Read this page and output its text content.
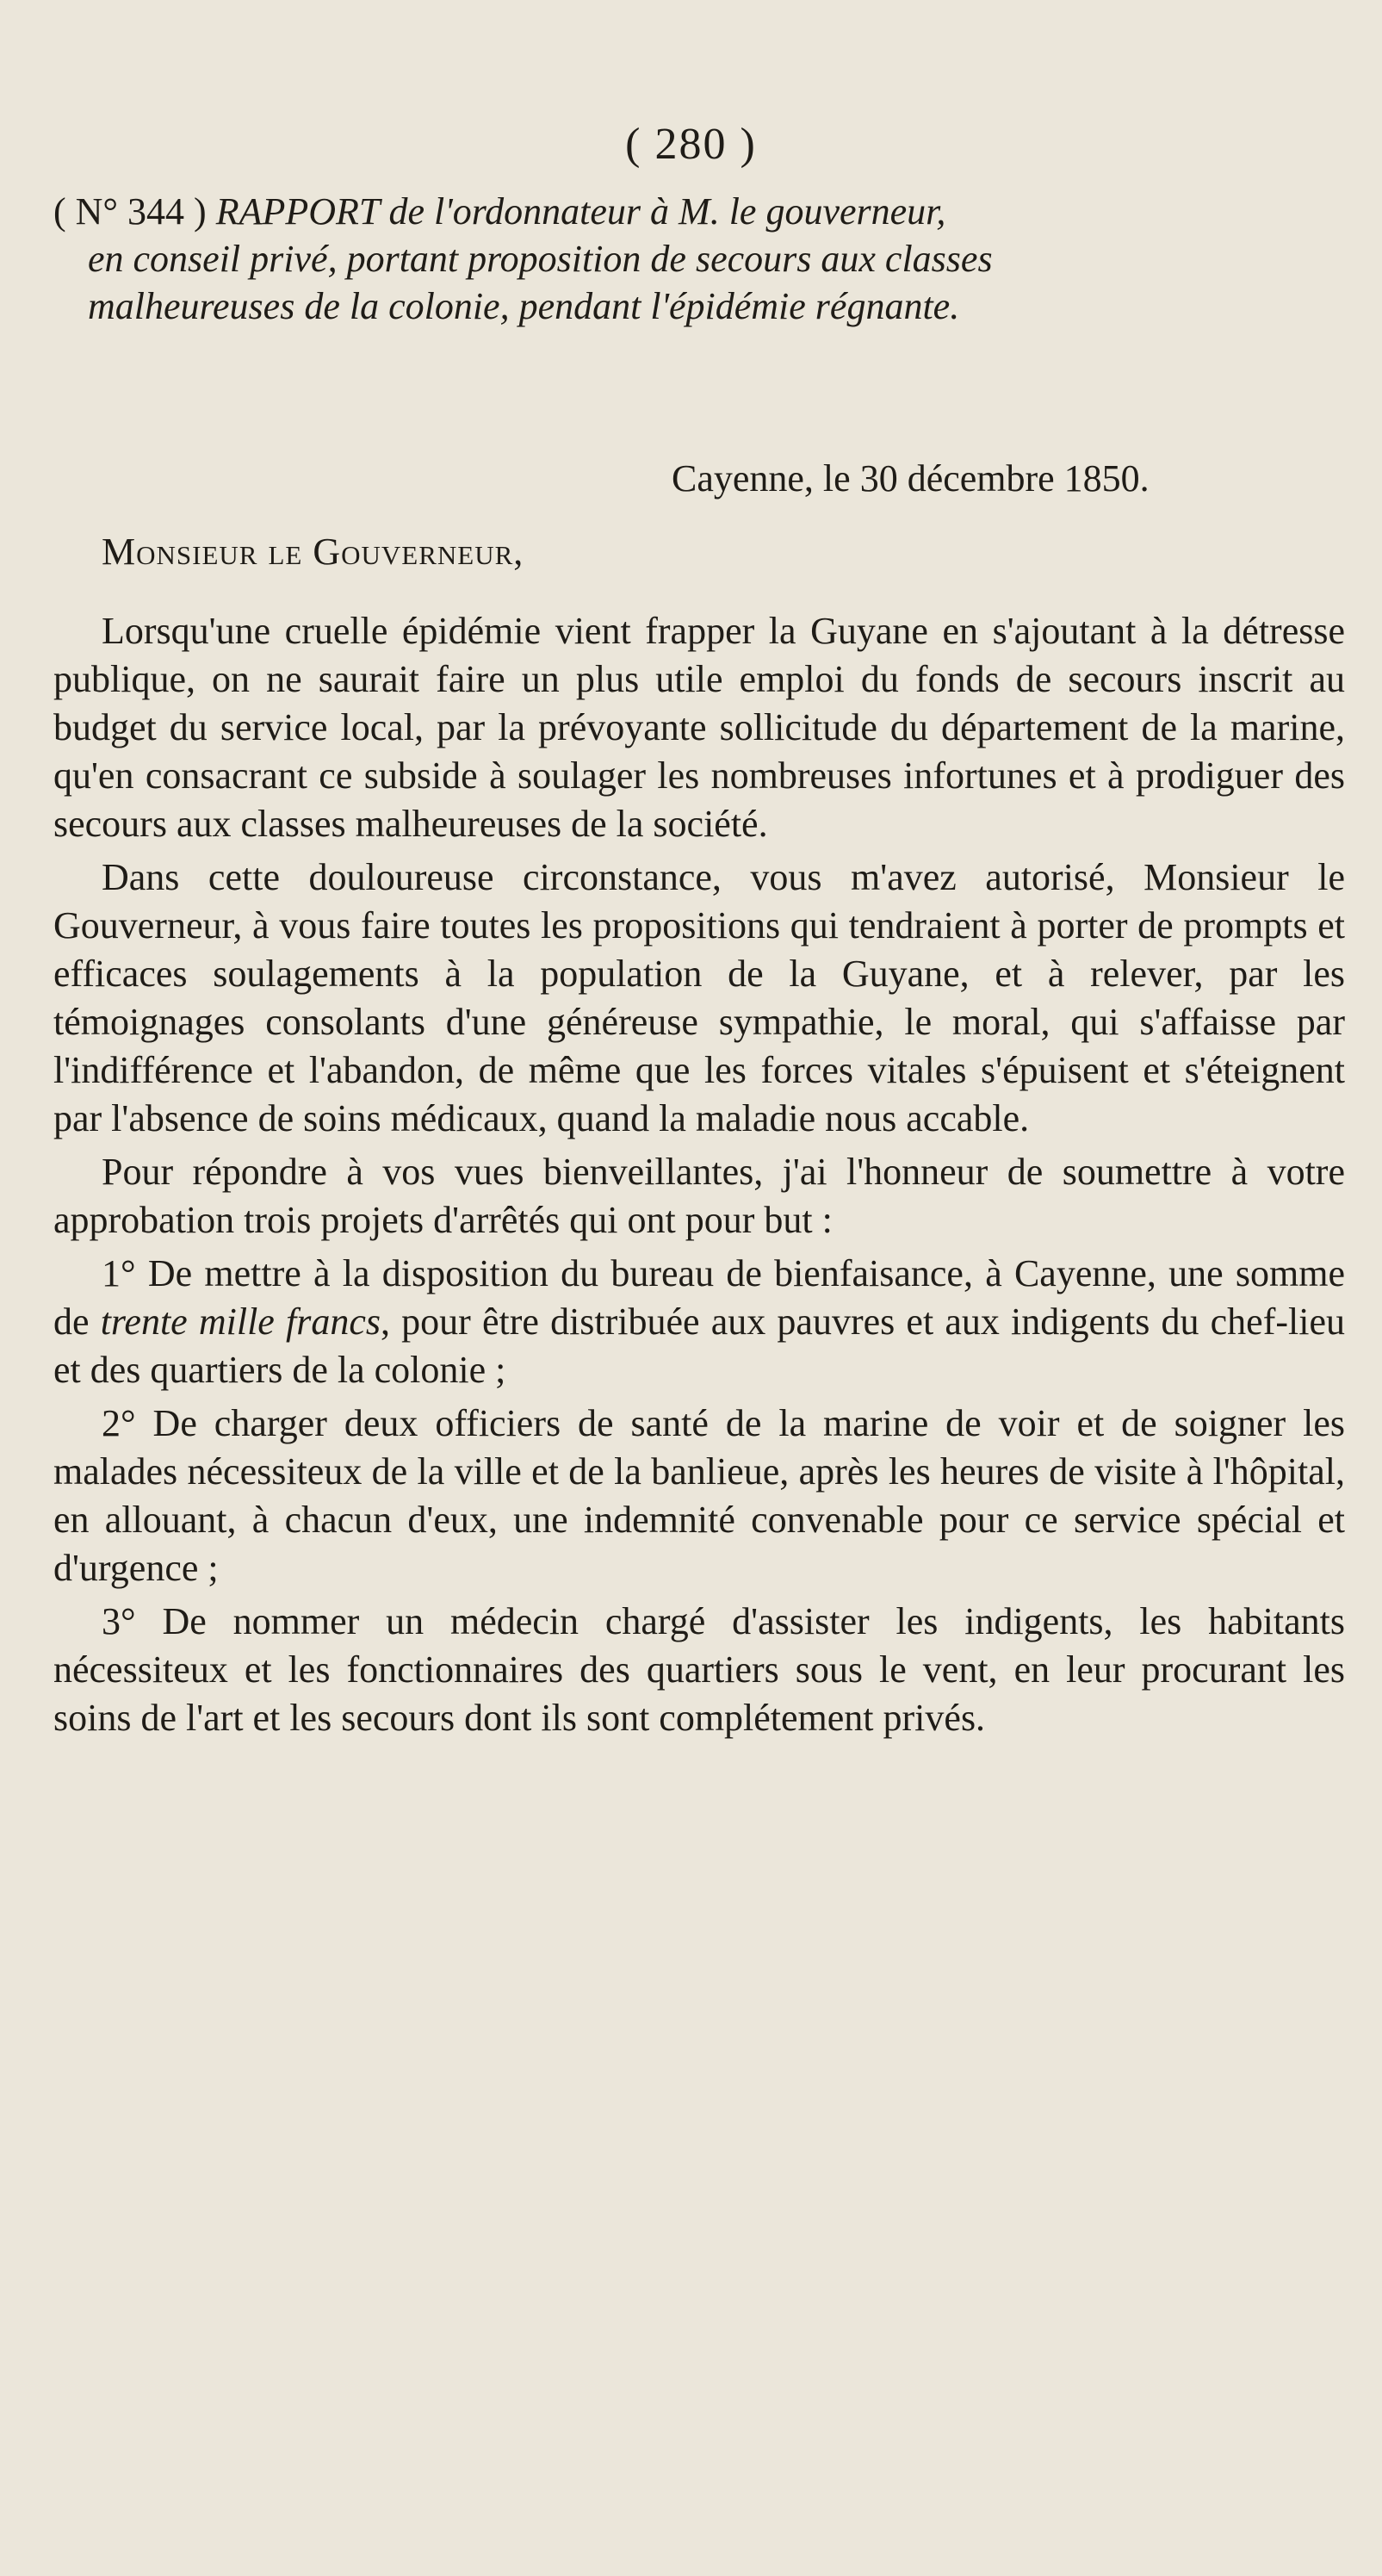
( 280 )
( N° 344 ) RAPPORT de l'ordonnateur à M. le gouverneur,
en conseil privé, portant proposition de secours aux classes
malheureuses de la colonie, pendant l'épidémie régnante.
Cayenne, le 30 décembre 1850.
Monsieur le Gouverneur,

Lorsqu'une cruelle épidémie vient frapper la Guyane en s'ajoutant à la détresse publique, on ne saurait faire un plus utile emploi du fonds de secours inscrit au budget du service local, par la prévoyante sollicitude du département de la marine, qu'en consacrant ce subside à soulager les nombreuses infortunes et à prodiguer des secours aux classes malheureuses de la société.

Dans cette douloureuse circonstance, vous m'avez autorisé, Monsieur le Gouverneur, à vous faire toutes les propositions qui tendraient à porter de prompts et efficaces soulagements à la population de la Guyane, et à relever, par les témoignages consolants d'une généreuse sympathie, le moral, qui s'affaisse par l'indifférence et l'abandon, de même que les forces vitales s'épuisent et s'éteignent par l'absence de soins médicaux, quand la maladie nous accable.

Pour répondre à vos vues bienveillantes, j'ai l'honneur de soumettre à votre approbation trois projets d'arrêtés qui ont pour but :

1° De mettre à la disposition du bureau de bienfaisance, à Cayenne, une somme de trente mille francs, pour être distribuée aux pauvres et aux indigents du chef-lieu et des quartiers de la colonie ;

2° De charger deux officiers de santé de la marine de voir et de soigner les malades nécessiteux de la ville et de la banlieue, après les heures de visite à l'hôpital, en allouant, à chacun d'eux, une indemnité convenable pour ce service spécial et d'urgence ;

3° De nommer un médecin chargé d'assister les indigents, les habitants nécessiteux et les fonctionnaires des quartiers sous le vent, en leur procurant les soins de l'art et les secours dont ils sont complétement privés.
